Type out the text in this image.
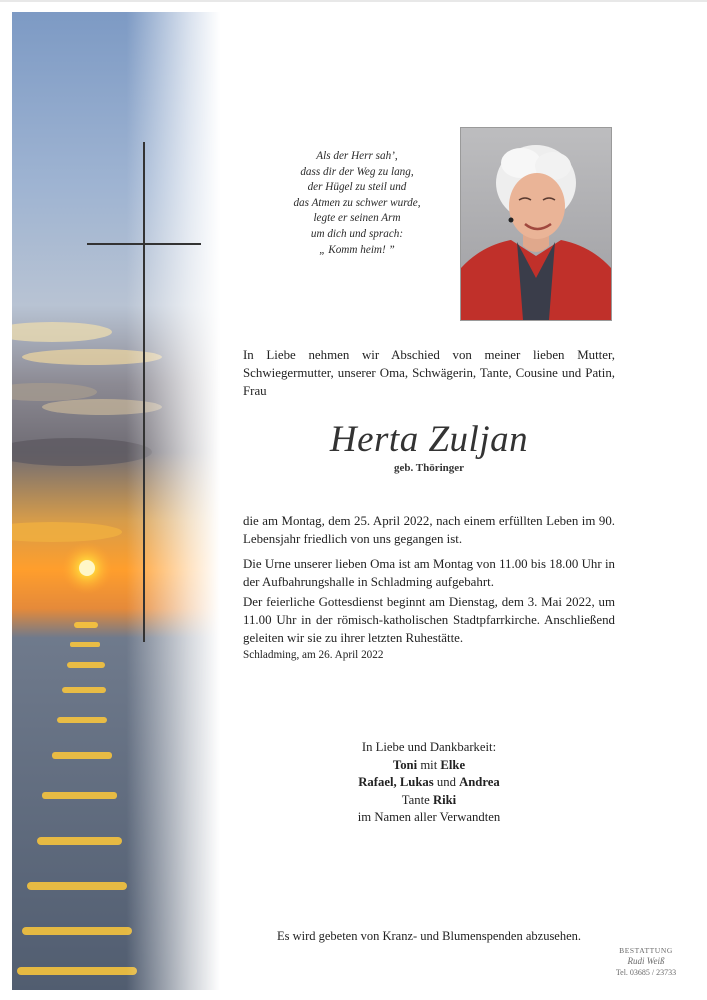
Als der Herr sah’,
dass dir der Weg zu lang,
der Hügel zu steil und
das Atmen zu schwer wurde,
legte er seinen Arm
um dich und sprach:
„ Komm heim! ”
In Liebe nehmen wir Abschied von meiner lieben Mutter, Schwiegermutter, unserer Oma, Schwägerin, Tante, Cousine und Patin, Frau
Herta Zuljan
geb. Thöringer
die am Montag, dem 25. April 2022, nach einem erfüllten Leben im 90. Lebensjahr friedlich von uns gegangen ist.
Die Urne unserer lieben Oma ist am Montag von 11.00 bis 18.00 Uhr in der Aufbahrungshalle in Schladming aufgebahrt.
Der feierliche Gottesdienst beginnt am Dienstag, dem 3. Mai 2022, um 11.00 Uhr in der römisch-katholischen Stadtpfarrkirche. Anschließend geleiten wir sie zu ihrer letzten Ruhestätte.
Schladming, am 26. April 2022
In Liebe und Dankbarkeit:
Toni mit Elke
Rafael, Lukas und Andrea
Tante Riki
im Namen aller Verwandten
Es wird gebeten von Kranz- und Blumenspenden abzusehen.
BESTATTUNG
Rudi Weiß
Tel. 03685 / 23733
